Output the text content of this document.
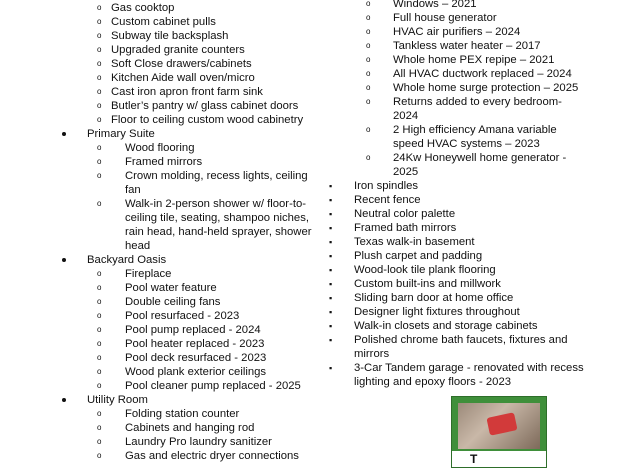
o Gas cooktop
o Custom cabinet pulls
o Subway tile backsplash
o Upgraded granite counters
o Soft Close drawers/cabinets
o Kitchen Aide wall oven/micro
o Cast iron apron front farm sink
o Butler’s pantry w/ glass cabinet doors
o Floor to ceiling custom wood cabinetry
Primary Suite
o Wood flooring
o Framed mirrors
o Crown molding, recess lights, ceiling
fan
o Walk-in 2-person shower w/ floor-to-
ceiling tile, seating, shampoo niches,
rain head, hand-held sprayer, shower
head
Backyard Oasis
o Fireplace
o Pool water feature
o Double ceiling fans
o Pool resurfaced - 2023
o Pool pump replaced - 2024
o Pool heater replaced - 2023
o Pool deck resurfaced - 2023
o Wood plank exterior ceilings
o Pool cleaner pump replaced - 2025
Utility Room
o Folding station counter
o Cabinets and hanging rod
o Laundry Pro laundry sanitizer
o Gas and electric dryer connections
o Windows – 2021
o Full house generator
o HVAC air purifiers – 2024
o Tankless water heater – 2017
o Whole home PEX repipe – 2021
o All HVAC ductwork replaced – 2024
o Whole home surge protection – 2025
o Returns added to every bedroom-
2024
o 2 High efficiency Amana variable
speed HVAC systems – 2023
o 24Kw Honeywell home generator -
2025
▪ Iron spindles
▪ Recent fence
▪ Neutral color palette
▪ Framed bath mirrors
▪ Texas walk-in basement
▪ Plush carpet and padding
▪ Wood-look tile plank flooring
▪ Custom built-ins and millwork
▪ Sliding barn door at home office
▪ Designer light fixtures throughout
▪ Walk-in closets and storage cabinets
▪ Polished chrome bath faucets, fixtures and
mirrors
▪ 3-Car Tandem garage - renovated with recess
lighting and epoxy floors - 2023
T
